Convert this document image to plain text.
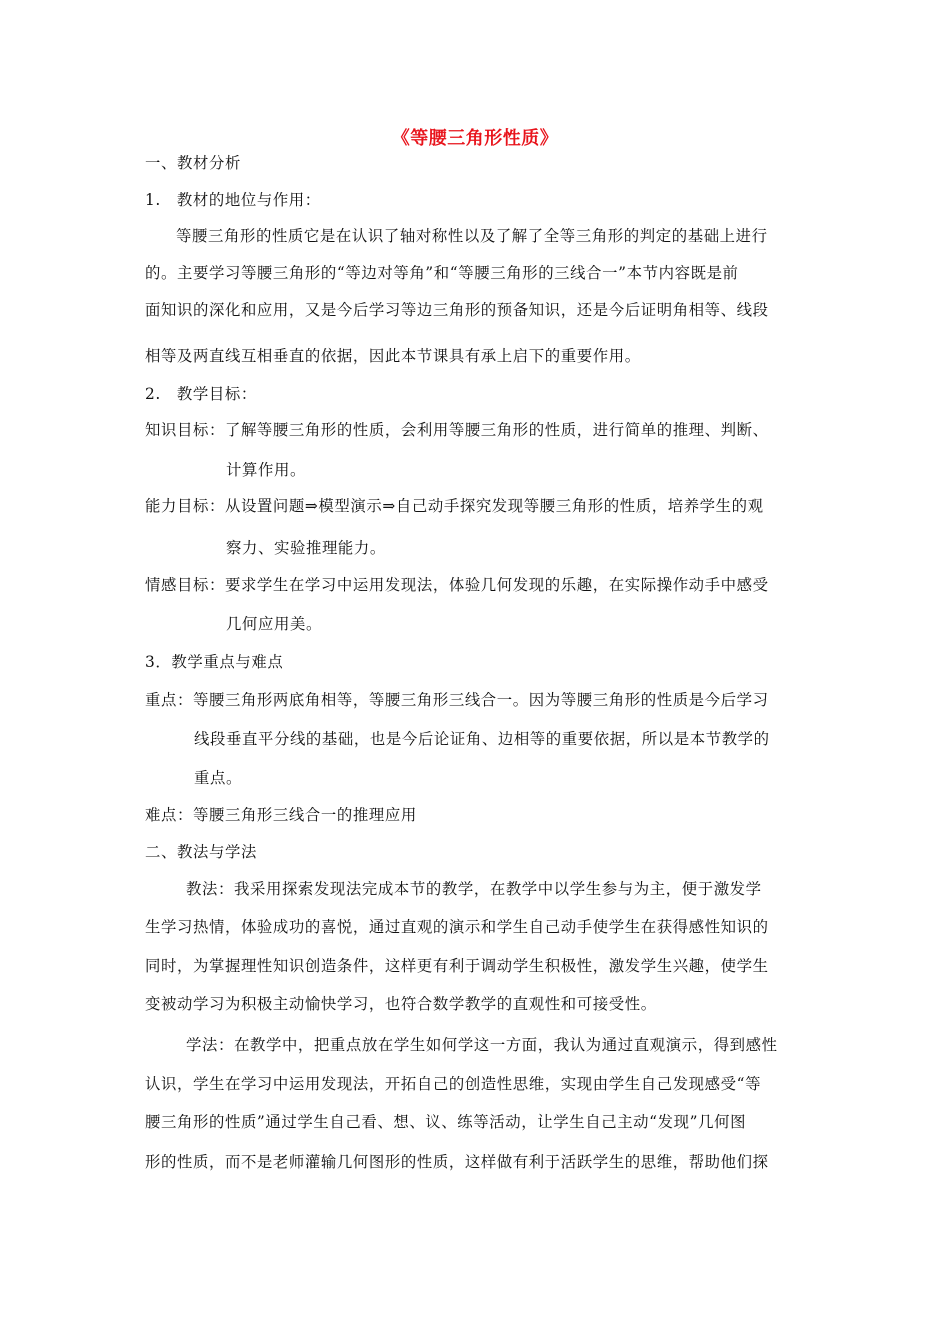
《等腰三角形性质》
一、教材分析
1.　教材的地位与作用：
等腰三角形的性质它是在认识了轴对称性以及了解了全等三角形的判定的基础上进行
的。主要学习等腰三角形的“等边对等角”和“等腰三角形的三线合一”本节内容既是前
面知识的深化和应用，又是今后学习等边三角形的预备知识，还是今后证明角相等、线段
相等及两直线互相垂直的依据，因此本节课具有承上启下的重要作用。
2.　教学目标：
知识目标：了解等腰三角形的性质，会利用等腰三角形的性质，进行简单的推理、判断、
计算作用。
能力目标：从设置问题⇒模型演示⇒自己动手探究发现等腰三角形的性质，培养学生的观
察力、实验推理能力。
情感目标：要求学生在学习中运用发现法，体验几何发现的乐趣，在实际操作动手中感受
几何应用美。
3．教学重点与难点
重点：等腰三角形两底角相等，等腰三角形三线合一。因为等腰三角形的性质是今后学习
线段垂直平分线的基础，也是今后论证角、边相等的重要依据，所以是本节教学的
重点。
难点：等腰三角形三线合一的推理应用
二、教法与学法
教法：我采用探索发现法完成本节的教学，在教学中以学生参与为主，便于激发学
生学习热情，体验成功的喜悦，通过直观的演示和学生自己动手使学生在获得感性知识的
同时，为掌握理性知识创造条件，这样更有利于调动学生积极性，激发学生兴趣，使学生
变被动学习为积极主动愉快学习，也符合数学教学的直观性和可接受性。
学法：在教学中，把重点放在学生如何学这一方面，我认为通过直观演示，得到感性
认识，学生在学习中运用发现法，开拓自己的创造性思维，实现由学生自己发现感受“等
腰三角形的性质”通过学生自己看、想、议、练等活动，让学生自己主动“发现”几何图
形的性质，而不是老师灌输几何图形的性质，这样做有利于活跃学生的思维，帮助他们探
